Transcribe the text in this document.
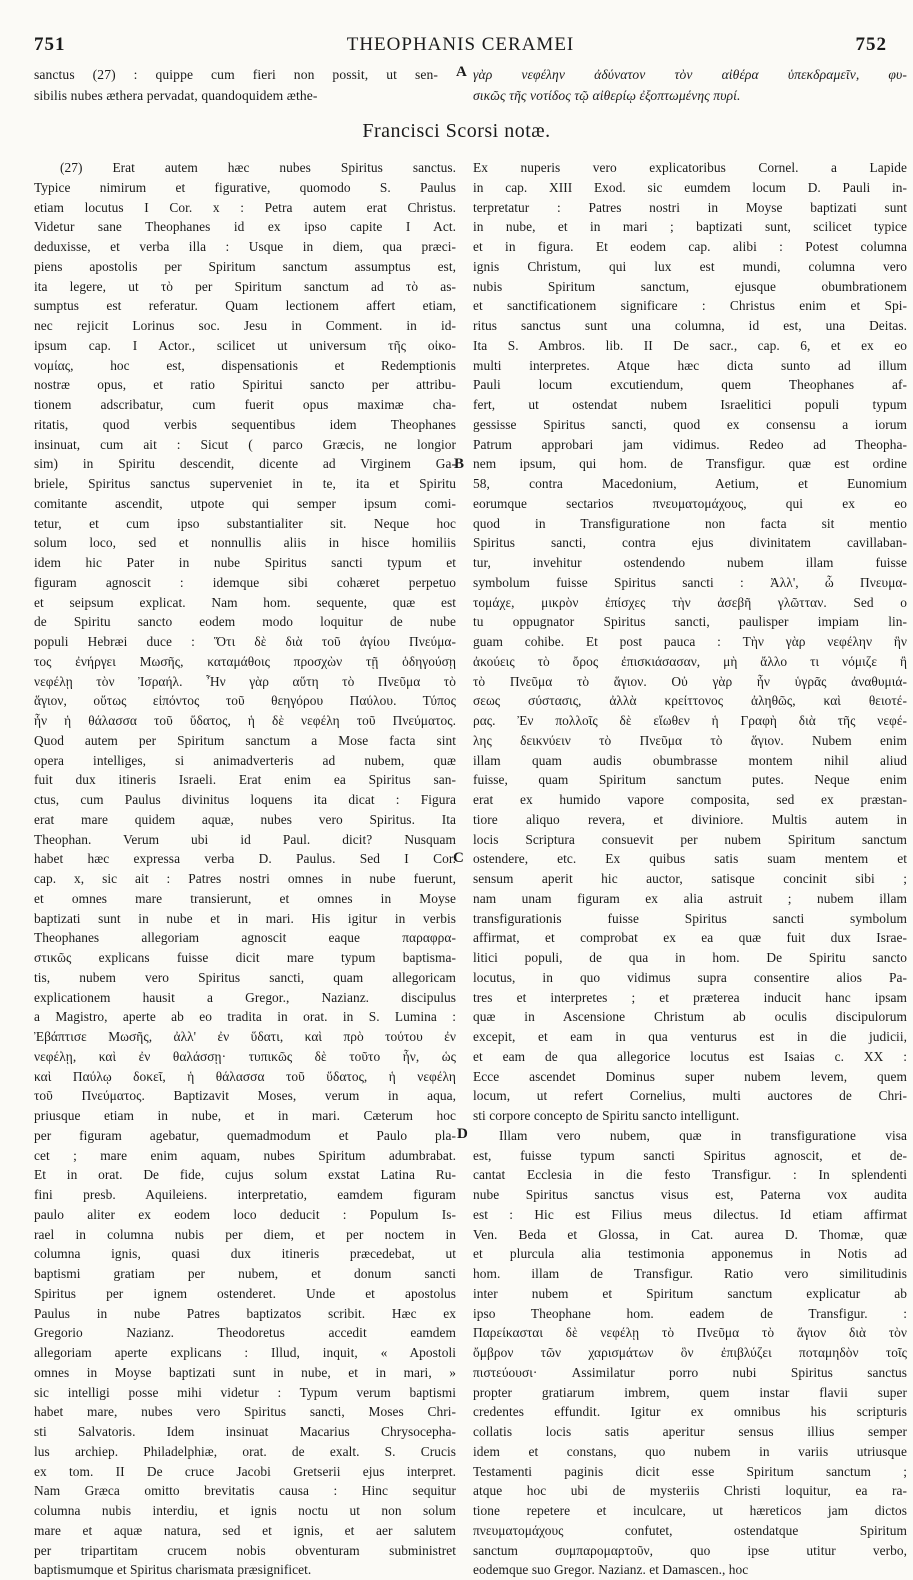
751	THEOPHANIS CERAMEI	752
sanctus (27) : quippe cum fieri non possit, ut sen-
sibilis nubes æthera pervadat, quandoquidem æthe-
γὰρ νεφέλην ἀδύνατον τὸν αἰθέρα ὑπεκδραμεῖν, φυ-
σικῶς τῆς νοτίδος τῷ αἰθερίῳ ἐξοπτωμένης πυρί.
Francisci Scorsi notæ.
A
B
C
D
(27) Erat autem hæc nubes Spiritus sanctus.
Typice nimirum et figurative, quomodo S. Paulus
etiam locutus I Cor. x : Petra autem erat Christus.
Videtur sane Theophanes id ex ipso capite I Act.
deduxisse, et verba illa : Usque in diem, qua præci-
piens apostolis per Spiritum sanctum assumptus est,
ita legere, ut τὸ per Spiritum sanctum ad τὸ as-
sumptus est referatur. Quam lectionem affert etiam,
nec rejicit Lorinus soc. Jesu in Comment. in id-
ipsum cap. I Actor., scilicet ut universum τῆς οἰκο-
νομίας, hoc est, dispensationis et Redemptionis
nostræ opus, et ratio Spiritui sancto per attribu-
tionem adscribatur, cum fuerit opus maximæ cha-
ritatis, quod verbis sequentibus idem Theophanes
insinuat, cum ait : Sicut ( parco Græcis, ne longior
sim) in Spiritu descendit, dicente ad Virginem Ga-
briele, Spiritus sanctus superveniet in te, ita et Spiritu
comitante ascendit, utpote qui semper ipsum comi-
tetur, et cum ipso substantialiter sit. Neque hoc
solum loco, sed et nonnullis aliis in hisce homiliis
idem hic Pater in nube Spiritus sancti typum et
figuram agnoscit : idemque sibi cohæret perpetuo
et seipsum explicat. Nam hom. sequente, quæ est
de Spiritu sancto eodem modo loquitur de nube
populi Hebræi duce : Ὅτι δὲ διὰ τοῦ ἁγίου Πνεύμα-
τος ἐνήργει Μωσῆς, καταμάθοις προσχὼν τῇ ὁδηγούσῃ
νεφέλῃ τὸν Ἰσραήλ. Ἦν γὰρ αὕτη τὸ Πνεῦμα τὸ
ἅγιον, οὕτως εἰπόντος τοῦ θεηγόρου Παύλου. Τύπος
ἦν ἡ θάλασσα τοῦ ὕδατος, ἡ δὲ νεφέλη τοῦ Πνεύματος.
Quod autem per Spiritum sanctum a Mose facta sint
opera intelliges, si animadverteris ad nubem, quæ
fuit dux itineris Israeli. Erat enim ea Spiritus san-
ctus, cum Paulus divinitus loquens ita dicat : Figura
erat mare quidem aquæ, nubes vero Spiritus. Ita
Theophan. Verum ubi id Paul. dicit? Nusquam
habet hæc expressa verba D. Paulus. Sed I Cor.
cap. x, sic ait : Patres nostri omnes in nube fuerunt,
et omnes mare transierunt, et omnes in Moyse
baptizati sunt in nube et in mari. His igitur in verbis
Theophanes allegoriam agnoscit eaque παραφρα-
στικῶς explicans fuisse dicit mare typum baptisma-
tis, nubem vero Spiritus sancti, quam allegoricam
explicationem hausit a Gregor., Nazianz. discipulus
a Magistro, aperte ab eo tradita in orat. in S. Lumina :
Ἐβάπτισε Μωσῆς, ἀλλ' ἐν ὕδατι, καὶ πρὸ τούτου ἐν
νεφέλῃ, καὶ ἐν θαλάσσῃ· τυπικῶς δὲ τοῦτο ἦν, ὡς
καὶ Παύλῳ δοκεῖ, ἡ θάλασσα τοῦ ὕδατος, ἡ νεφέλη
τοῦ Πνεύματος. Baptizavit Moses, verum in aqua,
priusque etiam in nube, et in mari. Cæterum hoc
per figuram agebatur, quemadmodum et Paulo pla-
cet ; mare enim aquam, nubes Spiritum adumbrabat.
Et in orat. De fide, cujus solum exstat Latina Ru-
fini presb. Aquileiens. interpretatio, eamdem figuram
paulo aliter ex eodem loco deducit : Populum Is-
rael in columna nubis per diem, et per noctem in
columna ignis, quasi dux itineris præcedebat, ut
baptismi gratiam per nubem, et donum sancti
Spiritus per ignem ostenderet. Unde et apostolus
Paulus in nube Patres baptizatos scribit. Hæc ex
Gregorio Nazianz. Theodoretus accedit eamdem
allegoriam aperte explicans : Illud, inquit, « Apostoli
omnes in Moyse baptizati sunt in nube, et in mari, »
sic intelligi posse mihi videtur : Typum verum baptismi
habet mare, nubes vero Spiritus sancti, Moses Chri-
sti Salvatoris. Idem insinuat Macarius Chrysocepha-
lus archiep. Philadelphiæ, orat. de exalt. S. Crucis
ex tom. II De cruce Jacobi Gretserii ejus interpret.
Nam Græca omitto brevitatis causa : Hinc sequitur
columna nubis interdiu, et ignis noctu ut non solum
mare et aquæ natura, sed et ignis, et aer salutem
per tripartitam crucem nobis obventuram subministret
baptismumque et Spiritus charismata præsignificet.
Ex nuperis vero explicatoribus Cornel. a Lapide
in cap. XIII Exod. sic eumdem locum D. Pauli in-
terpretatur : Patres nostri in Moyse baptizati sunt
in nube, et in mari ; baptizati sunt, scilicet typice
et in figura. Et eodem cap. alibi : Potest columna
ignis Christum, qui lux est mundi, columna vero
nubis Spiritum sanctum, ejusque obumbrationem
et sanctificationem significare : Christus enim et Spi-
ritus sanctus sunt una columna, id est, una Deitas.
Ita S. Ambros. lib. II De sacr., cap. 6, et ex eo
multi interpretes. Atque hæc dicta sunto ad illum
Pauli locum excutiendum, quem Theophanes af-
fert, ut ostendat nubem Israelitici populi typum
gessisse Spiritus sancti, quod ex consensu a iorum
Patrum approbari jam vidimus. Redeo ad Theopha-
nem ipsum, qui hom. de Transfigur. quæ est ordine
58, contra Macedonium, Aetium, et Eunomium
eorumque sectarios πνευματομάχους, qui ex eo
quod in Transfiguratione non facta sit mentio
Spiritus sancti, contra ejus divinitatem cavillaban-
tur, invehitur ostendendo nubem illam fuisse
symbolum fuisse Spiritus sancti : Ἀλλ', ὦ Πνευμα-
τομάχε, μικρὸν ἐπίσχες τὴν ἀσεβῆ γλῶτταν. Sed o
tu oppugnator Spiritus sancti, paulisper impiam lin-
guam cohibe. Et post pauca : Τὴν γὰρ νεφέλην ἣν
ἀκούεις τὸ ὄρος ἐπισκιάσασαν, μὴ ἄλλο τι νόμιζε ἢ
τὸ Πνεῦμα τὸ ἅγιον. Οὐ γὰρ ἦν ὑγρᾶς ἀναθυμιά-
σεως σύστασις, ἀλλὰ κρείττονος ἀληθῶς, καὶ θειοτέ-
ρας. Ἐν πολλοῖς δὲ εἴωθεν ἡ Γραφὴ διὰ τῆς νεφέ-
λης δεικνύειν τὸ Πνεῦμα τὸ ἅγιον. Nubem enim
illam quam audis obumbrasse montem nihil aliud
fuisse, quam Spiritum sanctum putes. Neque enim
erat ex humido vapore composita, sed ex præstan-
tiore aliquo revera, et diviniore. Multis autem in
locis Scriptura consuevit per nubem Spiritum sanctum
ostendere, etc. Ex quibus satis suam mentem et
sensum aperit hic auctor, satisque concinit sibi ;
nam unam figuram ex alia astruit ; nubem illam
transfigurationis fuisse Spiritus sancti symbolum
affirmat, et comprobat ex ea quæ fuit dux Israe-
litici populi, de qua in hom. De Spiritu sancto
locutus, in quo vidimus supra consentire alios Pa-
tres et interpretes ; et præterea inducit hanc ipsam
quæ in Ascensione Christum ab oculis discipulorum
excepit, et eam in qua venturus est in die judicii,
et eam de qua allegorice locutus est Isaias c. XX :
Ecce ascendet Dominus super nubem levem, quem
locum, ut refert Cornelius, multi auctores de Chri-
sti corpore concepto de Spiritu sancto intelligunt.
Illam vero nubem, quæ in transfiguratione visa
est, fuisse typum sancti Spiritus agnoscit, et de-
cantat Ecclesia in die festo Transfigur. : In splendenti
nube Spiritus sanctus visus est, Paterna vox audita
est : Hic est Filius meus dilectus. Id etiam affirmat
Ven. Beda et Glossa, in Cat. aurea D. Thomæ, quæ
et plurcula alia testimonia apponemus in Notis ad
hom. illam de Transfigur. Ratio vero similitudinis
inter nubem et Spiritum sanctum explicatur ab
ipso Theophane hom. eadem de Transfigur. :
Παρείκασται δὲ νεφέλῃ τὸ Πνεῦμα τὸ ἅγιον διὰ τὸν
ὄμβρον τῶν χαρισμάτων ὃν ἐπιβλύζει ποταμηδὸν τοῖς
πιστεύουσι· Assimilatur porro nubi Spiritus sanctus
propter gratiarum imbrem, quem instar flavii super
credentes effundit. Igitur ex omnibus his scripturis
collatis locis satis aperitur sensus illius semper
idem et constans, quo nubem in variis utriusque
Testamenti paginis dicit esse Spiritum sanctum ;
atque hoc ubi de mysteriis Christi loquitur, ea ra-
tione repetere et inculcare, ut hæreticos jam dictos
πνευματομάχους confutet, ostendatque Spiritum
sanctum συμπαρομαρτοῦν, quo ipse utitur verbo,
eodemque suo Gregor. Nazianz. et Damascen., hoc
